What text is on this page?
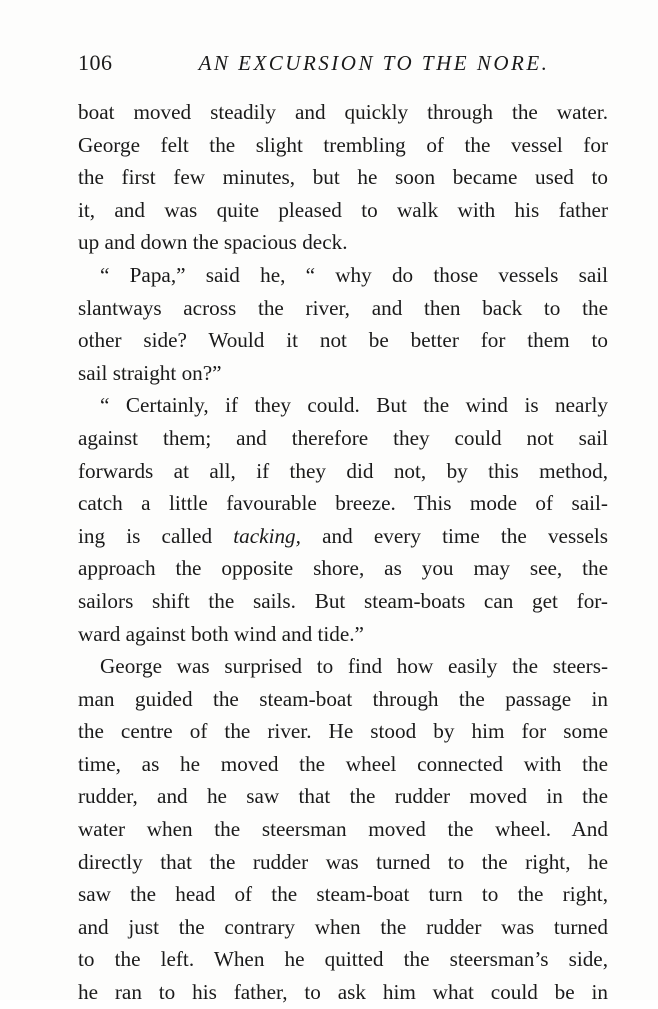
106	AN EXCURSION TO THE NORE.
boat moved steadily and quickly through the water.
George felt the slight trembling of the vessel for
the first few minutes, but he soon became used to
it, and was quite pleased to walk with his father
up and down the spacious deck.
“ Papa,” said he, “ why do those vessels sail
slantways across the river, and then back to the
other side? Would it not be better for them to
sail straight on?”
“ Certainly, if they could. But the wind is nearly
against them; and therefore they could not sail
forwards at all, if they did not, by this method,
catch a little favourable breeze. This mode of sail-
ing is called tacking, and every time the vessels
approach the opposite shore, as you may see, the
sailors shift the sails. But steam-boats can get for-
ward against both wind and tide.”
George was surprised to find how easily the steers-
man guided the steam-boat through the passage in
the centre of the river. He stood by him for some
time, as he moved the wheel connected with the
rudder, and he saw that the rudder moved in the
water when the steersman moved the wheel. And
directly that the rudder was turned to the right, he
saw the head of the steam-boat turn to the right,
and just the contrary when the rudder was turned
to the left. When he quitted the steersman’s side,
he ran to his father, to ask him what could be in
